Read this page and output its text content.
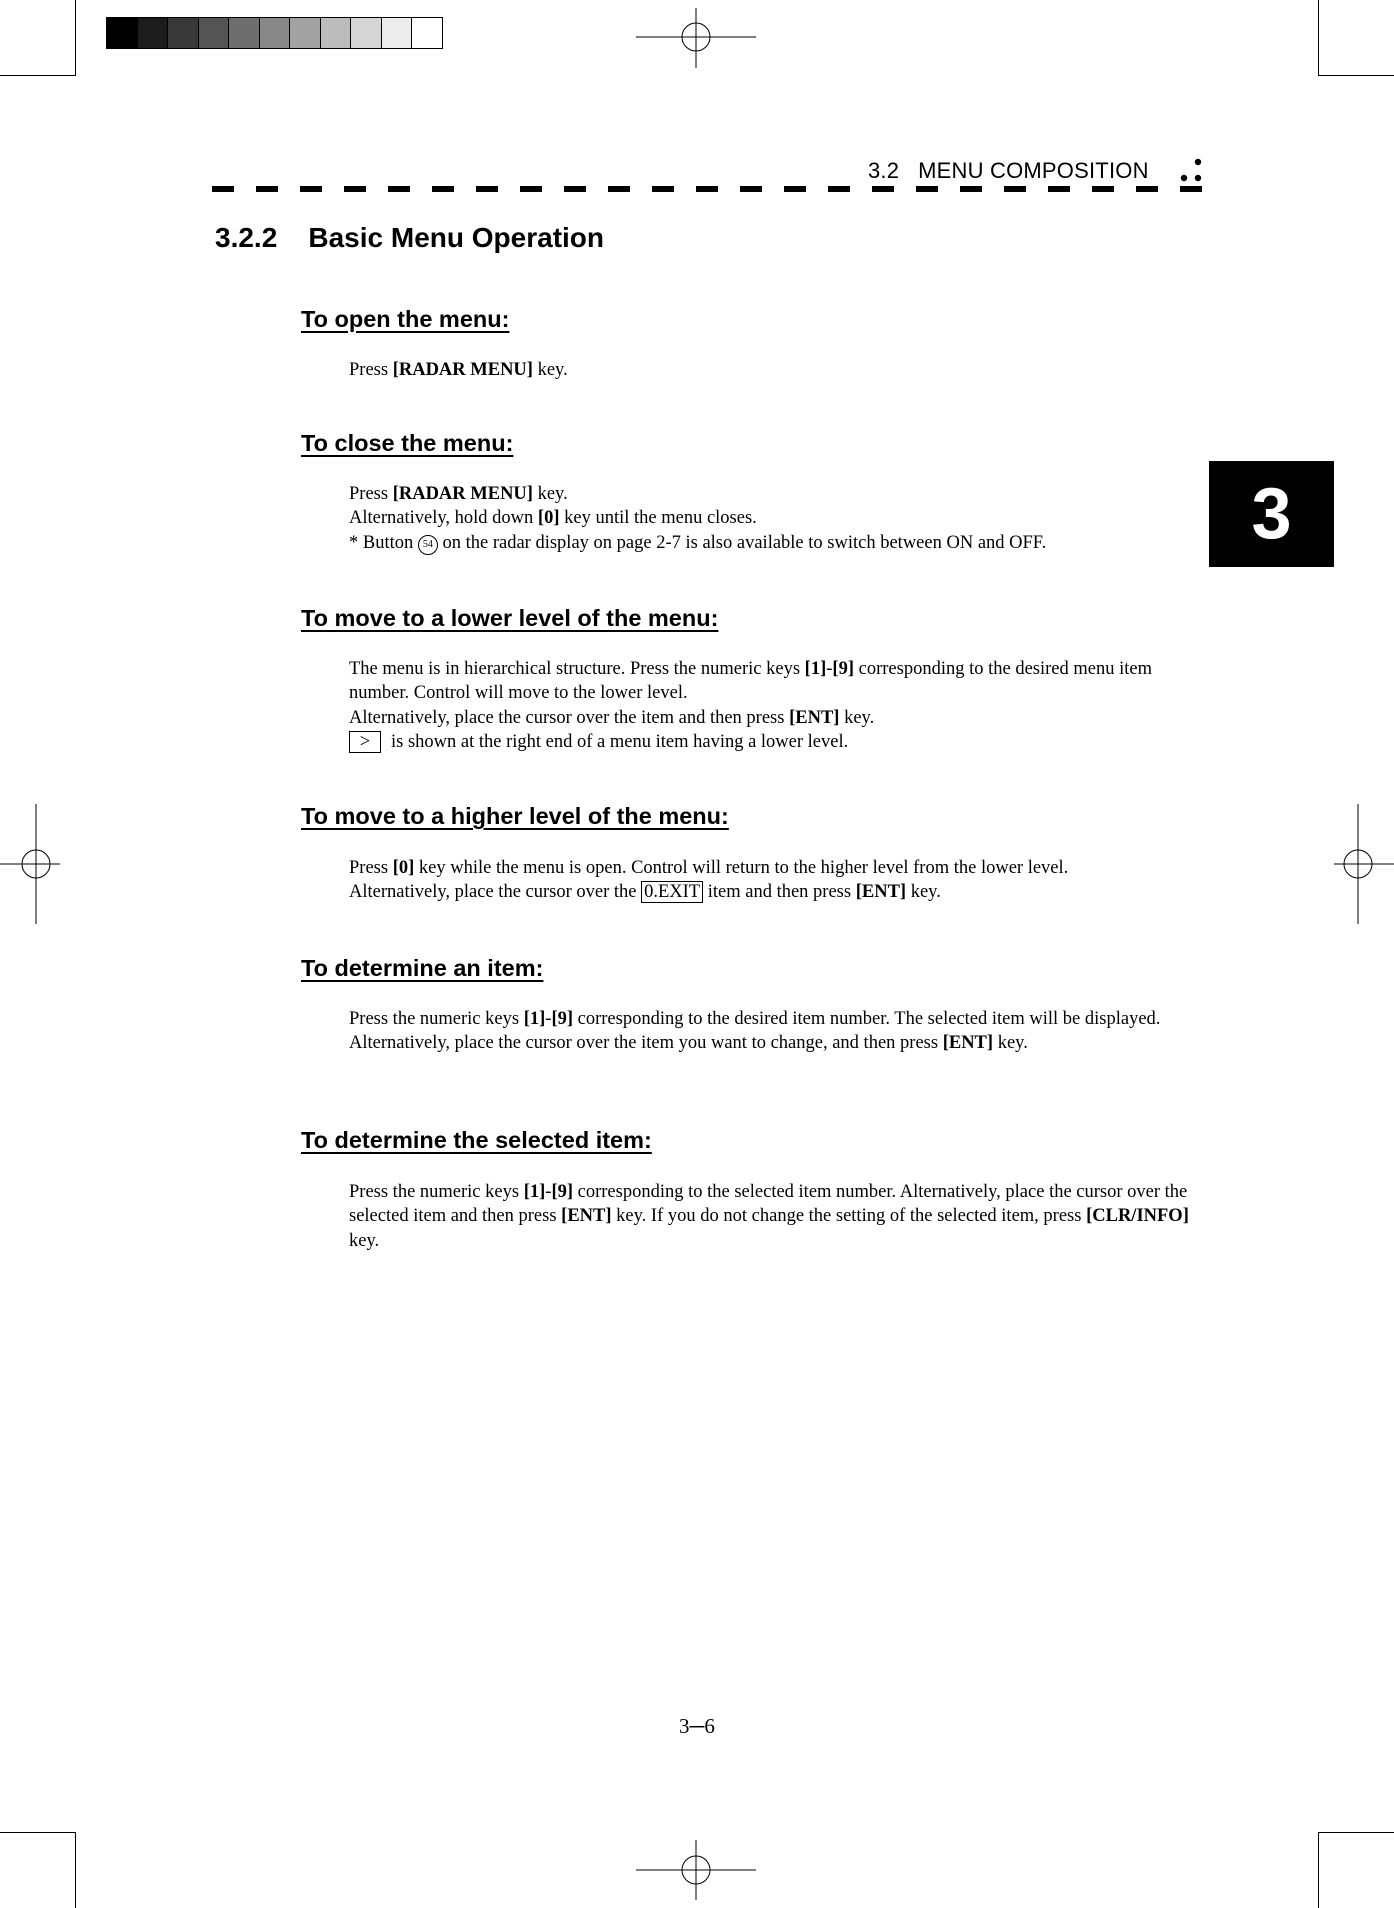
3.2   MENU COMPOSITION
3
3.2.2    Basic Menu Operation
To open the menu:
Press [RADAR MENU] key.
To close the menu:
Press [RADAR MENU] key.
Alternatively, hold down [0] key until the menu closes.
* Button 54 on the radar display on page 2-7 is also available to switch between ON and OFF.
To move to a lower level of the menu:
The menu is in hierarchical structure. Press the numeric keys [1]-[9] corresponding to the desired menu item number. Control will move to the lower level.
Alternatively, place the cursor over the item and then press [ENT] key.
> is shown at the right end of a menu item having a lower level.
To move to a higher level of the menu:
Press [0] key while the menu is open. Control will return to the higher level from the lower level.
Alternatively, place the cursor over the 0.EXIT item and then press [ENT] key.
To determine an item:
Press the numeric keys [1]-[9] corresponding to the desired item number. The selected item will be displayed. Alternatively, place the cursor over the item you want to change, and then press [ENT] key.
To determine the selected item:
Press the numeric keys [1]-[9] corresponding to the selected item number. Alternatively, place the cursor over the selected item and then press [ENT] key. If you do not change the setting of the selected item, press [CLR/INFO] key.
3─6
